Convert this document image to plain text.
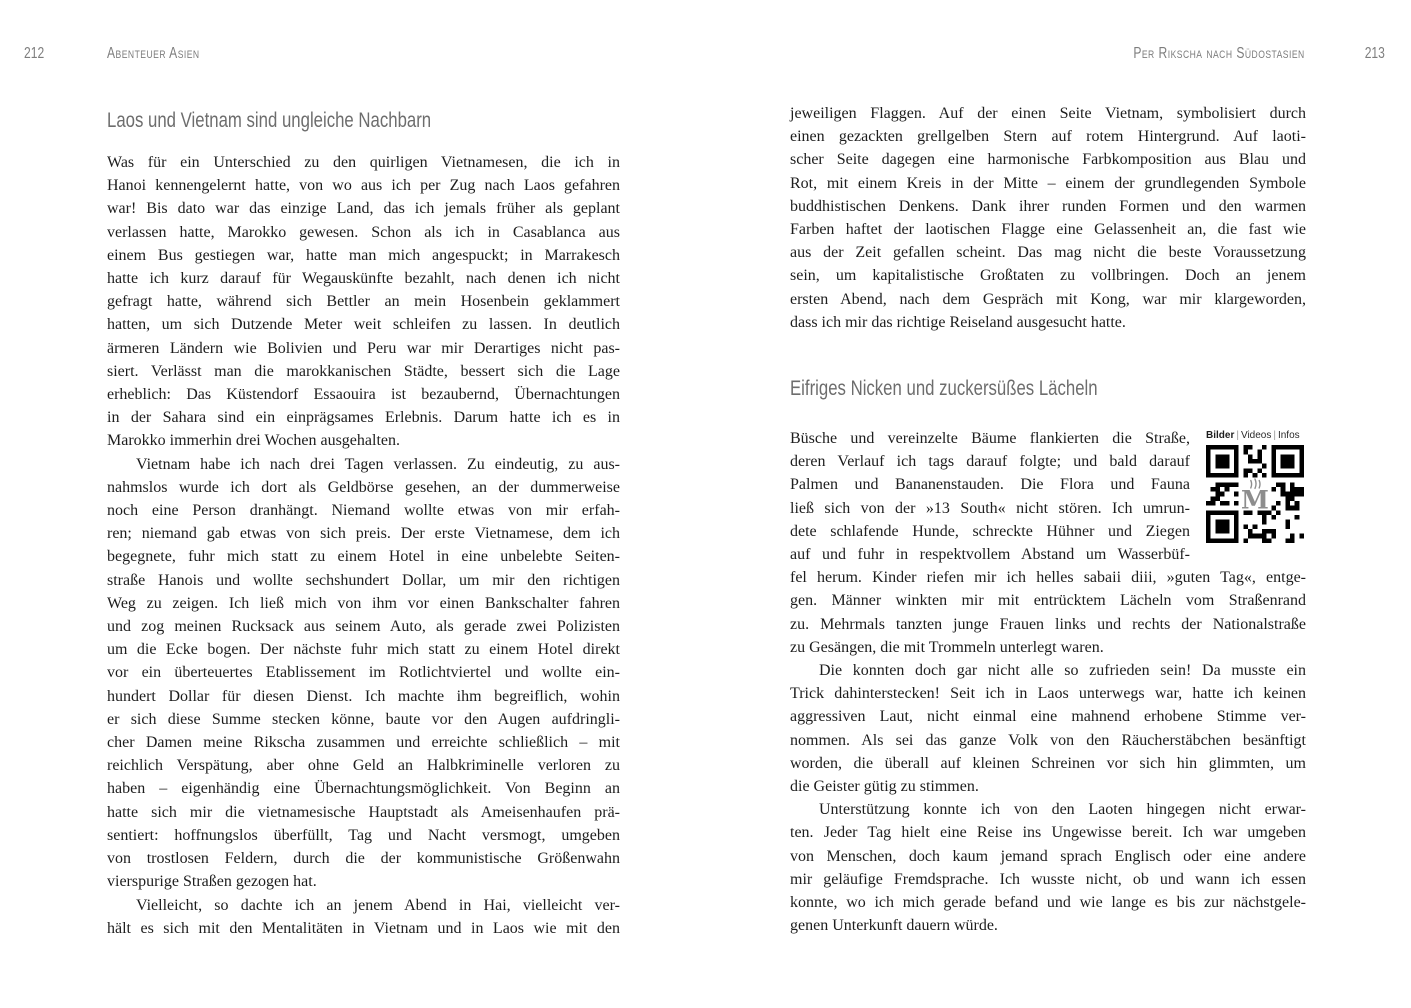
212	Abenteuer Asien	Per Rikscha nach Südostasien	213
Laos und Vietnam sind ungleiche Nachbarn
Was für ein Unterschied zu den quirligen Vietnamesen, die ich in
Hanoi kennengelernt hatte, von wo aus ich per Zug nach Laos gefahren
war! Bis dato war das einzige Land, das ich jemals früher als geplant
verlassen hatte, Marokko gewesen. Schon als ich in Casablanca aus
einem Bus gestiegen war, hatte man mich angespuckt; in Marrakesch
hatte ich kurz darauf für Wegauskünfte bezahlt, nach denen ich nicht
gefragt hatte, während sich Bettler an mein Hosenbein geklammert
hatten, um sich Dutzende Meter weit schleifen zu lassen. In deutlich
ärmeren Ländern wie Bolivien und Peru war mir Derartiges nicht pas-
siert. Verlässt man die marokkanischen Städte, bessert sich die Lage
erheblich: Das Küstendorf Essaouira ist bezaubernd, Übernachtungen
in der Sahara sind ein einprägsames Erlebnis. Darum hatte ich es in
Marokko immerhin drei Wochen ausgehalten.
Vietnam habe ich nach drei Tagen verlassen. Zu eindeutig, zu aus-
nahmslos wurde ich dort als Geldbörse gesehen, an der dummerweise
noch eine Person dranhängt. Niemand wollte etwas von mir erfah-
ren; niemand gab etwas von sich preis. Der erste Vietnamese, dem ich
begegnete, fuhr mich statt zu einem Hotel in eine unbelebte Seiten-
straße Hanois und wollte sechshundert Dollar, um mir den richtigen
Weg zu zeigen. Ich ließ mich von ihm vor einen Bankschalter fahren
und zog meinen Rucksack aus seinem Auto, als gerade zwei Polizisten
um die Ecke bogen. Der nächste fuhr mich statt zu einem Hotel direkt
vor ein überteuertes Etablissement im Rotlichtviertel und wollte ein-
hundert Dollar für diesen Dienst. Ich machte ihm begreiflich, wohin
er sich diese Summe stecken könne, baute vor den Augen aufdringli-
cher Damen meine Rikscha zusammen und erreichte schließlich – mit
reichlich Verspätung, aber ohne Geld an Halbkriminelle verloren zu
haben – eigenhändig eine Übernachtungsmöglichkeit. Von Beginn an
hatte sich mir die vietnamesische Hauptstadt als Ameisenhaufen prä-
sentiert: hoffnungslos überfüllt, Tag und Nacht versmogt, umgeben
von trostlosen Feldern, durch die der kommunistische Größenwahn
vierspurige Straßen gezogen hat.
Vielleicht, so dachte ich an jenem Abend in Hai, vielleicht ver-
hält es sich mit den Mentalitäten in Vietnam und in Laos wie mit den
jeweiligen Flaggen. Auf der einen Seite Vietnam, symbolisiert durch
einen gezackten grellgelben Stern auf rotem Hintergrund. Auf laoti-
scher Seite dagegen eine harmonische Farbkomposition aus Blau und
Rot, mit einem Kreis in der Mitte – einem der grundlegenden Symbole
buddhistischen Denkens. Dank ihrer runden Formen und den warmen
Farben haftet der laotischen Flagge eine Gelassenheit an, die fast wie
aus der Zeit gefallen scheint. Das mag nicht die beste Voraussetzung
sein, um kapitalistische Großtaten zu vollbringen. Doch an jenem
ersten Abend, nach dem Gespräch mit Kong, war mir klargeworden,
dass ich mir das richtige Reiseland ausgesucht hatte.
Eifriges Nicken und zuckersüßes Lächeln
Bilder | Videos | Infos
M
Büsche und vereinzelte Bäume flankierten die Straße,
deren Verlauf ich tags darauf folgte; und bald darauf
Palmen und Bananenstauden. Die Flora und Fauna
ließ sich von der »13 South« nicht stören. Ich umrun-
dete schlafende Hunde, schreckte Hühner und Ziegen
auf und fuhr in respektvollem Abstand um Wasserbüf-
fel herum. Kinder riefen mir ich helles sabaii diii, »guten Tag«, entge-
gen. Männer winkten mir mit entrücktem Lächeln vom Straßenrand
zu. Mehrmals tanzten junge Frauen links und rechts der Nationalstraße
zu Gesängen, die mit Trommeln unterlegt waren.
Die konnten doch gar nicht alle so zufrieden sein! Da musste ein
Trick dahinterstecken! Seit ich in Laos unterwegs war, hatte ich keinen
aggressiven Laut, nicht einmal eine mahnend erhobene Stimme ver-
nommen. Als sei das ganze Volk von den Räucherstäbchen besänftigt
worden, die überall auf kleinen Schreinen vor sich hin glimmten, um
die Geister gütig zu stimmen.
Unterstützung konnte ich von den Laoten hingegen nicht erwar-
ten. Jeder Tag hielt eine Reise ins Ungewisse bereit. Ich war umgeben
von Menschen, doch kaum jemand sprach Englisch oder eine andere
mir geläufige Fremdsprache. Ich wusste nicht, ob und wann ich essen
konnte, wo ich mich gerade befand und wie lange es bis zur nächstgele-
genen Unterkunft dauern würde.
